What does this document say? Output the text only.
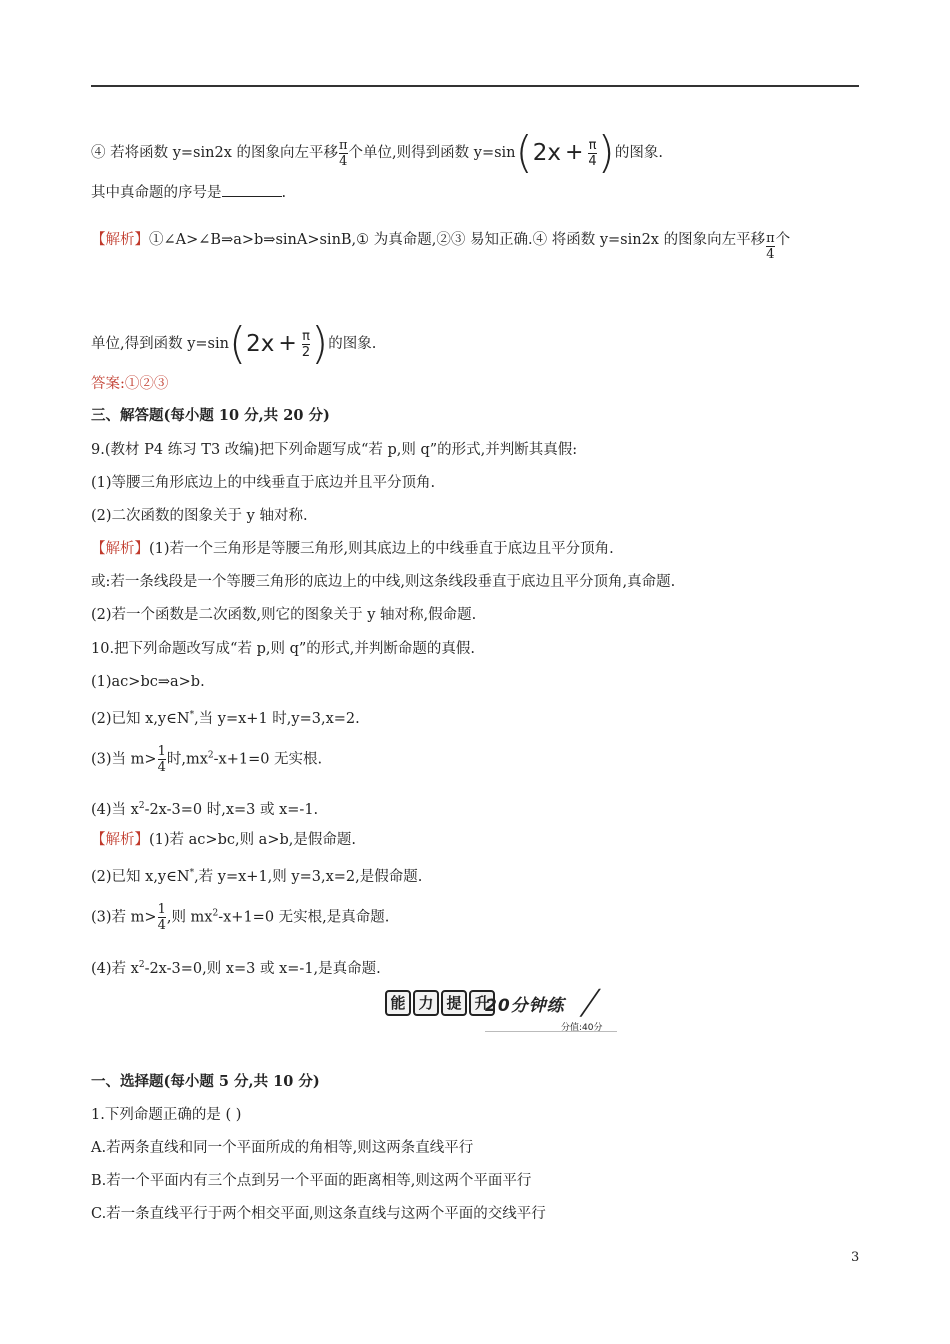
④ 若将函数 y=sin2x 的图象向左平移 $\frac{\pi}{4}$ 个单位,则得到函数 $y=\sin(2x + \frac{\pi}{4}$ )的图象.
其中真命题的序号是	.
【解析】①∠A>∠B⇒a>b⇒sinA>sinB,① 为真命题,②③ 易知正确.④ 将函数 y=sin2x 的图象向左平移 $\frac{\pi}{4}$ 个
单位,得到函数 $y=\sin(2x + \frac{\pi}{2}$ )的图象.
答案:①②③
三、解答题(每小题 10 分,共 20 分)
9.(教材 P4 练习 T3 改编)把下列命题写成“若 p,则 q”的形式,并判断其真假:
(1)等腰三角形底边上的中线垂直于底边并且平分顶角.
(2)二次函数的图象关于 y 轴对称.
【解析】(1)若一个三角形是等腰三角形,则其底边上的中线垂直于底边且平分顶角.
或:若一条线段是一个等腰三角形的底边上的中线,则这条线段垂直于底边且平分顶角,真命题.
(2)若一个函数是二次函数,则它的图象关于 y 轴对称,假命题.
10.把下列命题改写成“若 p,则 q”的形式,并判断命题的真假.
(1)ac>bc⇒a>b.
(2)已知 x,y∈N*,当 y=x+1 时,y=3,x=2.
(3)当 $m> \frac{1}{4}$ 时$,mx^2-x+1=0$ 无实根.
(4)当 $x^2-2x-3=0$ 时,x=3 或 x=-1.
【解析】(1)若 ac>bc,则 a>b,是假命题.
(2)已知 x,y∈N*,若 y=x+1,则 y=3,x=2,是假命题.
(3)若 $m> \frac{1}{4}$ ,则 $mx^2-x+1=0$ 无实根,是真命题.
(4)若 $x^2-2x-3=0$,则 x=3 或 x=-1,是真命题.
能 力 提 升
20分钟练 ╱
分值:40分
一、选择题(每小题 5 分,共 10 分)
1.下列命题正确的是 ( )
A.若两条直线和同一个平面所成的角相等,则这两条直线平行
B.若一个平面内有三个点到另一个平面的距离相等,则这两个平面平行
C.若一条直线平行于两个相交平面,则这条直线与这两个平面的交线平行
3
